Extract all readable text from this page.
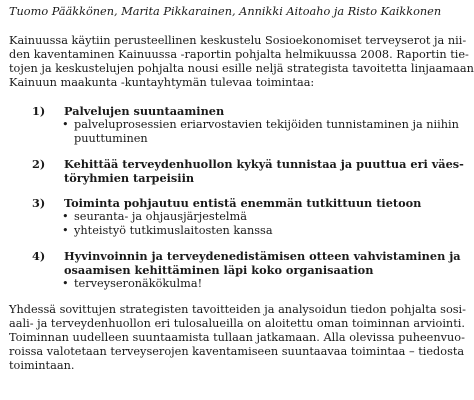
Tuomo Pääkkönen, Marita Pikkarainen, Annikki Aitoaho ja Risto Kaikkonen

Kainuussa käytiin perusteellinen keskustelu Sosioekonomiset terveyserot ja nii-
den kaventaminen Kainuussa -raportin pohjalta helmikuussa 2008. Raportin tie-
tojen ja keskustelujen pohjalta nousi esille neljä strategista tavoitetta linjaamaan
Kainuun maakunta -kuntayhtymän tulevaa toimintaa:

1) Palvelujen suuntaaminen
• palveluprosessien eriarvostavien tekijöiden tunnistaminen ja niihin
puuttuminen
2) Kehittää terveydenhuollon kykyä tunnistaa ja puuttua eri väes-
töryhmien tarpeisiin
3) Toiminta pohjautuu entistä enemmän tutkittuun tietoon
• seuranta- ja ohjausjärjestelmä
• yhteistyö tutkimuslaitosten kanssa
4) Hyvinvoinnin ja terveydenedistämisen otteen vahvistaminen ja
osaamisen kehittäminen läpi koko organisaation
• terveyseronäkökulma!

Yhdessä sovittujen strategisten tavoitteiden ja analysoidun tiedon pohjalta sosi-
aali- ja terveydenhuollon eri tulosalueilla on aloitettu oman toiminnan arviointi.
Toiminnan uudelleen suuntaamista tullaan jatkamaan. Alla olevissa puheenvuo-
roissa valotetaan terveyserojen kaventamiseen suuntaavaa toimintaa – tiedosta
toimintaan.
